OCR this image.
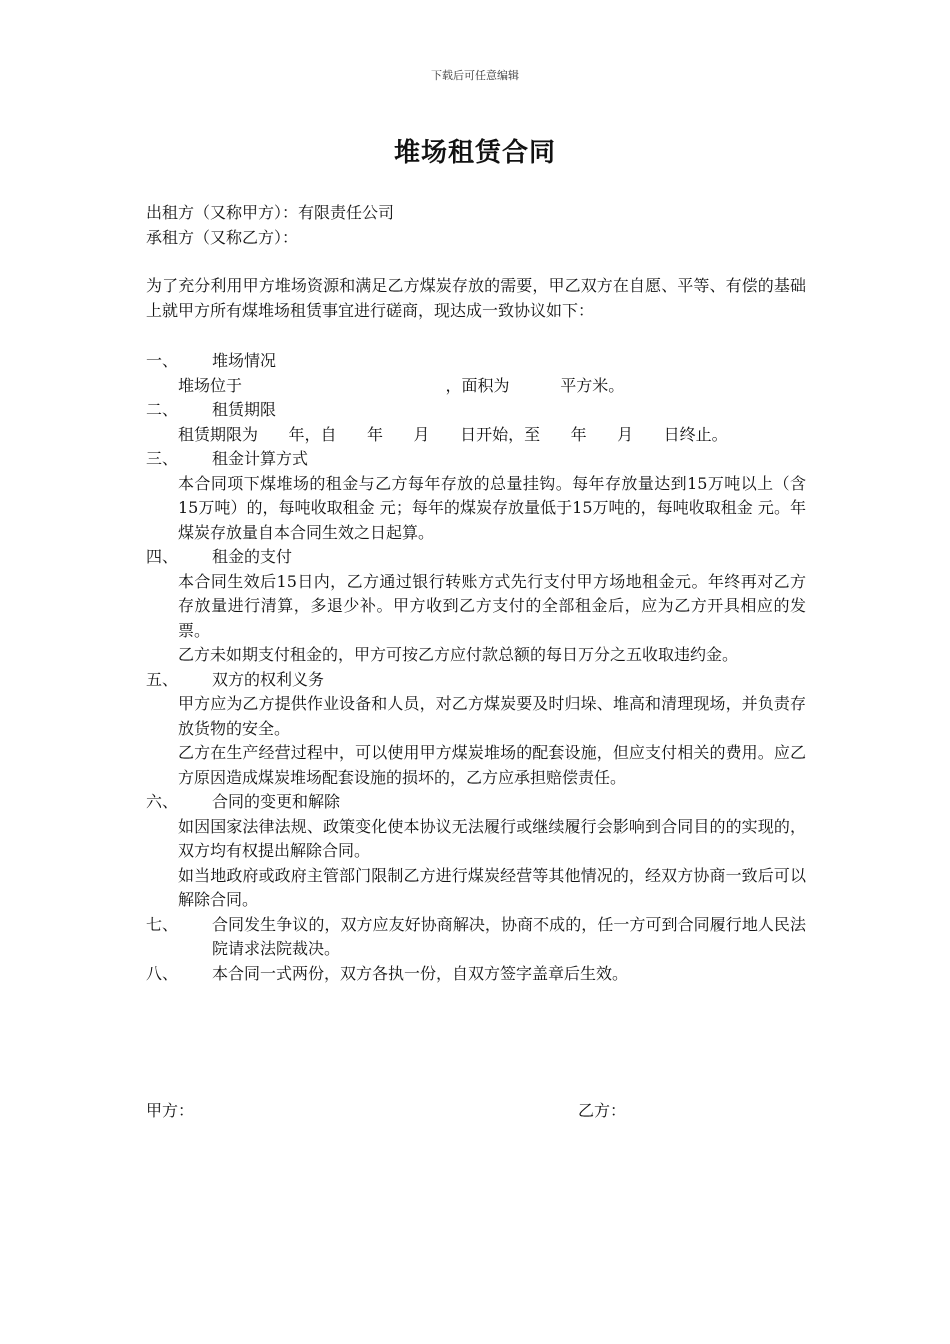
下载后可任意编辑
堆场租赁合同
出租方（又称甲方）：有限责任公司
承租方（又称乙方）：
为了充分利用甲方堆场资源和满足乙方煤炭存放的需要，甲乙双方在自愿、平等、有偿的基础上就甲方所有煤堆场租赁事宜进行磋商，现达成一致协议如下：
一、	堆场情况
堆场位于                                        ，面积为          平方米。
二、	租赁期限
租赁期限为      年，自      年      月      日开始，至      年      月      日终止。
三、	租金计算方式
本合同项下煤堆场的租金与乙方每年存放的总量挂钩。每年存放量达到15万吨以上（含15万吨）的，每吨收取租金 元；每年的煤炭存放量低于15万吨的，每吨收取租金 元。年煤炭存放量自本合同生效之日起算。
四、	租金的支付
本合同生效后15日内，乙方通过银行转账方式先行支付甲方场地租金元。年终再对乙方存放量进行清算，多退少补。甲方收到乙方支付的全部租金后，应为乙方开具相应的发票。
乙方未如期支付租金的，甲方可按乙方应付款总额的每日万分之五收取违约金。
五、	双方的权利义务
甲方应为乙方提供作业设备和人员，对乙方煤炭要及时归垛、堆高和清理现场，并负责存放货物的安全。
乙方在生产经营过程中，可以使用甲方煤炭堆场的配套设施，但应支付相关的费用。应乙方原因造成煤炭堆场配套设施的损坏的，乙方应承担赔偿责任。
六、	合同的变更和解除
如因国家法律法规、政策变化使本协议无法履行或继续履行会影响到合同目的的实现的，双方均有权提出解除合同。
如当地政府或政府主管部门限制乙方进行煤炭经营等其他情况的，经双方协商一致后可以解除合同。
七、	合同发生争议的，双方应友好协商解决，协商不成的，任一方可到合同履行地人民法院请求法院裁决。
八、	本合同一式两份，双方各执一份，自双方签字盖章后生效。
甲方：	乙方：
